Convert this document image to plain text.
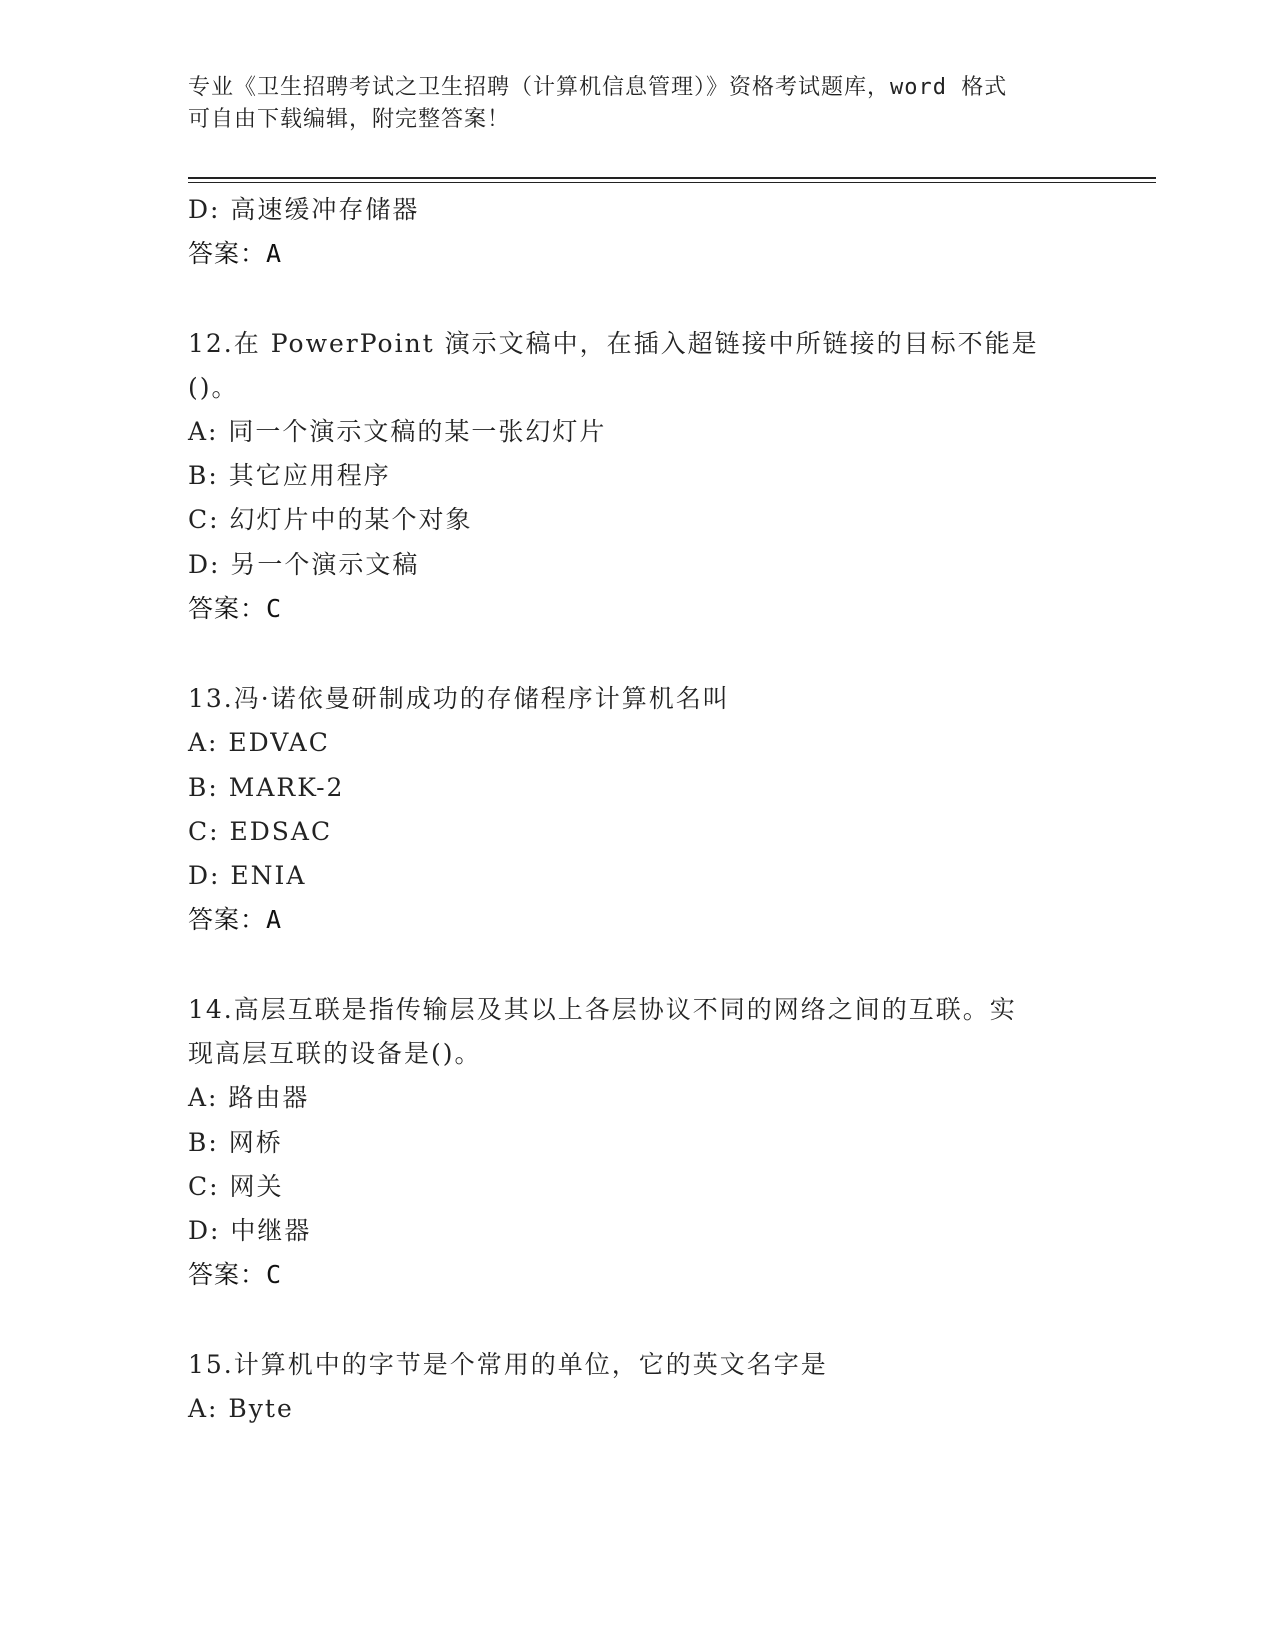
专业《卫生招聘考试之卫生招聘（计算机信息管理）》资格考试题库，word 格式
可自由下载编辑，附完整答案！
D: 高速缓冲存储器
答案：A
12.在 PowerPoint 演示文稿中，在插入超链接中所链接的目标不能是
()。
A: 同一个演示文稿的某一张幻灯片
B: 其它应用程序
C: 幻灯片中的某个对象
D: 另一个演示文稿
答案：C
13.冯·诺依曼研制成功的存储程序计算机名叫
A: EDVAC
B: MARK-2
C: EDSAC
D: ENIA
答案：A
14.高层互联是指传输层及其以上各层协议不同的网络之间的互联。实
现高层互联的设备是()。
A: 路由器
B: 网桥
C: 网关
D: 中继器
答案：C
15.计算机中的字节是个常用的单位，它的英文名字是
A: Byte
